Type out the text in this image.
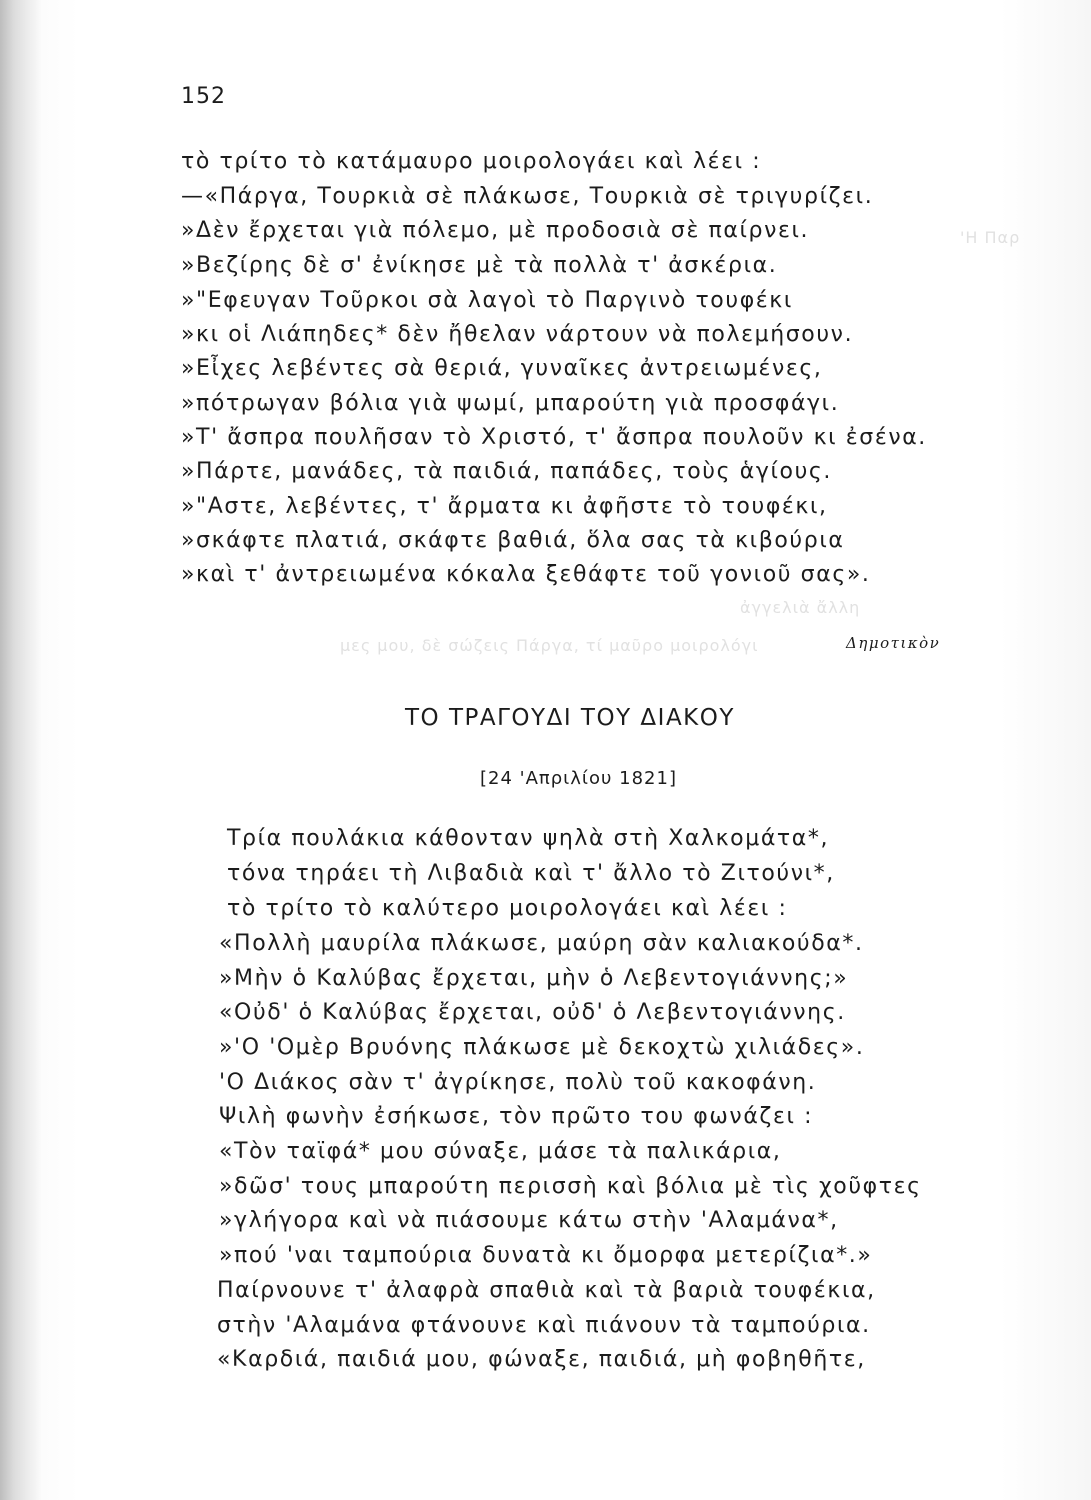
'Η Παρ
ἀγγελιὰ ἄλλη
μες μου, δὲ σώζεις Πάργα, τί μαῦρο μοιρολόγι
152
τὸ τρίτο τὸ κατάμαυρο μοιρολογάει καὶ λέει :
—«Πάργα, Τουρκιὰ σὲ πλάκωσε, Τουρκιὰ σὲ τριγυρίζει.
»Δὲν ἔρχεται γιὰ πόλεμο, μὲ προδοσιὰ σὲ παίρνει.
»Βεζίρης δὲ σ' ἐνίκησε μὲ τὰ πολλὰ τ' ἀσκέρια.
»"Εφευγαν Τοῦρκοι σὰ λαγοὶ τὸ Παργινὸ τουφέκι
»κι οἱ Λιάπηδες* δὲν ἤθελαν νάρτουν νὰ πολεμήσουν.
»Εἶχες λεβέντες σὰ θεριά, γυναῖκες ἀντρειωμένες,
»πότρωγαν βόλια γιὰ ψωμί, μπαρούτη γιὰ προσφάγι.
»Τ' ἄσπρα πουλῆσαν τὸ Χριστό, τ' ἄσπρα πουλοῦν κι ἐσένα.
»Πάρτε, μανάδες, τὰ παιδιά, παπάδες, τοὺς ἁγίους.
»"Αστε, λεβέντες, τ' ἄρματα κι ἀφῆστε τὸ τουφέκι,
»σκάφτε πλατιά, σκάφτε βαθιά, ὅλα σας τὰ κιβούρια
»καὶ τ' ἀντρειωμένα κόκαλα ξεθάφτε τοῦ γονιοῦ σας».
Δημοτικὸν
ΤΟ ΤΡΑΓΟΥΔΙ ΤΟΥ ΔΙΑΚΟΥ
[24 'Απριλίου 1821]
Τρία πουλάκια κάθονταν ψηλὰ στὴ Χαλκομάτα*,
τόνα τηράει τὴ Λιβαδιὰ καὶ τ' ἄλλο τὸ Ζιτούνι*,
τὸ τρίτο τὸ καλύτερο μοιρολογάει καὶ λέει :
«Πολλὴ μαυρίλα πλάκωσε, μαύρη σὰν καλιακούδα*.
»Μὴν ὁ Καλύβας ἔρχεται, μὴν ὁ Λεβεντογιάννης;»
«Οὐδ' ὁ Καλύβας ἔρχεται, οὐδ' ὁ Λεβεντογιάννης.
»'Ο 'Ομὲρ Βρυόνης πλάκωσε μὲ δεκοχτὼ χιλιάδες».
'Ο Διάκος σὰν τ' ἀγρίκησε, πολὺ τοῦ κακοφάνη.
Ψιλὴ φωνὴν ἐσήκωσε, τὸν πρῶτο του φωνάζει :
«Τὸν ταϊφά* μου σύναξε, μάσε τὰ παλικάρια,
»δῶσ' τους μπαρούτη περισσὴ καὶ βόλια μὲ τὶς χοῦφτες
»γλήγορα καὶ νὰ πιάσουμε κάτω στὴν 'Αλαμάνα*,
»πού 'ναι ταμπούρια δυνατὰ κι ὄμορφα μετερίζια*.»
Παίρνουνε τ' ἀλαφρὰ σπαθιὰ καὶ τὰ βαριὰ τουφέκια,
στὴν 'Αλαμάνα φτάνουνε καὶ πιάνουν τὰ ταμπούρια.
«Καρδιά, παιδιά μου, φώναξε, παιδιά, μὴ φοβηθῆτε,
